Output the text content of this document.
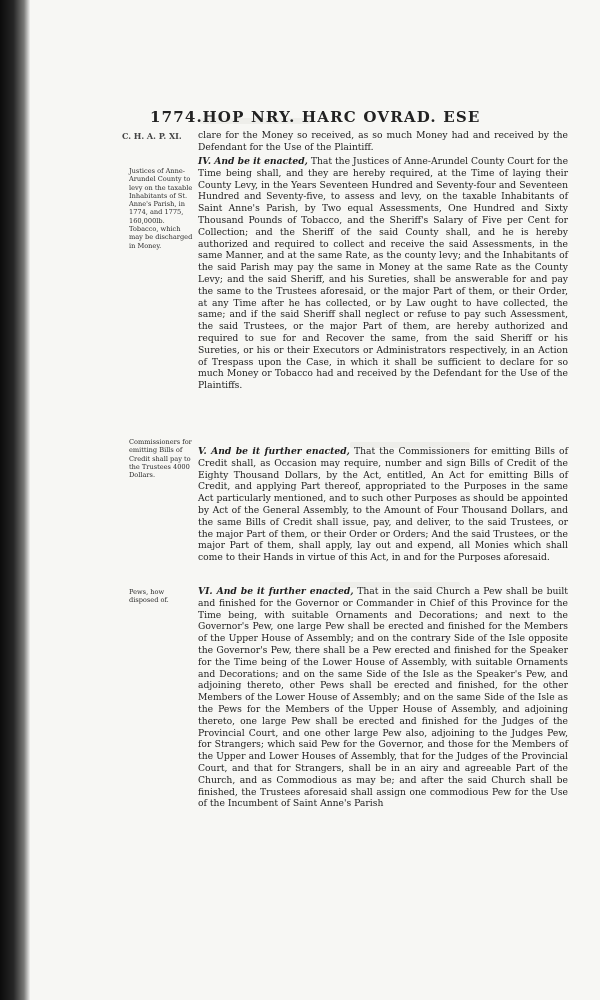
1774. HOP NRY. HARC OVRAD. ESE
C. H. A. P. XI. clare for the Money so received, as so much Money had and received by the Defendant for the Use of the Plaintiff.
Justices of Anne-Arundel County to levy on the taxable Inhabitants of St. Anne's Parish, in 1774, and 1775, 160,000lb. Tobacco, which may be discharged in Money.
IV. And be it enacted, That the Justices of Anne-Arundel County Court for the Time being shall, and they are hereby required, at the Time of laying their County Levy, in the Years Seventeen Hundred and Seventy-four and Seventeen Hundred and Seventy-five, to assess and levy, on the taxable Inhabitants of Saint Anne's Parish, by Two equal Assessments, One Hundred and Sixty Thousand Pounds of Tobacco, and the Sheriff's Salary of Five per Cent for Collection; and the Sheriff of the said County shall, and he is hereby authorized and required to collect and receive the said Assessments, in the same Manner, and at the same Rate, as the county levy; and the Inhabitants of the said Parish may pay the same in Money at the same Rate as the County Levy; and the said Sheriff, and his Sureties, shall be answerable for and pay the same to the Trustees aforesaid, or the major Part of them, or their Order, at any Time after he has collected, or by Law ought to have collected, the same; and if the said Sheriff shall neglect or refuse to pay such Assessment, the said Trustees, or the major Part of them, are hereby authorized and required to sue for and Recover the same, from the said Sheriff or his Sureties, or his or their Executors or Administrators respectively, in an Action of Trespass upon the Case, in which it shall be sufficient to declare for so much Money or Tobacco had and received by the Defendant for the Use of the Plaintiffs.
Commissioners for emitting Bills of Credit shall pay to the Trustees 4000 Dollars.
V. And be it further enacted, That the Commissioners for emitting Bills of Credit shall, as Occasion may require, number and sign Bills of Credit of the Eighty Thousand Dollars, by the Act, entitled, An Act for emitting Bills of Credit, and applying Part thereof, appropriated to the Purposes in the same Act particularly mentioned, and to such other Purposes as should be appointed by Act of the General Assembly, to the Amount of Four Thousand Dollars, and the same Bills of Credit shall issue, pay, and deliver, to the said Trustees, or the major Part of them, or their Order or Orders; And the said Trustees, or the major Part of them, shall apply, lay out and expend, all Monies which shall come to their Hands in virtue of this Act, in and for the Purposes aforesaid.
Pews, how disposed of.
VI. And be it further enacted, That in the said Church a Pew shall be built and finished for the Governor or Commander in Chief of this Province for the Time being, with suitable Ornaments and Decorations; and next to the Governor's Pew, one large Pew shall be erected and finished for the Members of the Upper House of Assembly; and on the contrary Side of the Isle opposite the Governor's Pew, there shall be a Pew erected and finished for the Speaker for the Time being of the Lower House of Assembly, with suitable Ornaments and Decorations; and on the same Side of the Isle as the Speaker's Pew, and adjoining thereto, other Pews shall be erected and finished, for the other Members of the Lower House of Assembly; and on the same Side of the Isle as the Pews for the Members of the Upper House of Assembly, and adjoining thereto, one large Pew shall be erected and finished for the Judges of the Provincial Court, and one other large Pew also, adjoining to the Judges Pew, for Strangers; which said Pew for the Governor, and those for the Members of the Upper and Lower Houses of Assembly, that for the Judges of the Provincial Court, and that for Strangers, shall be in an airy and agreeable Part of the Church, and as Commodious as may be; and after the said Church shall be finished, the Trustees aforesaid shall assign one commodious Pew for the Use of the Incumbent of Saint Anne's Parish
